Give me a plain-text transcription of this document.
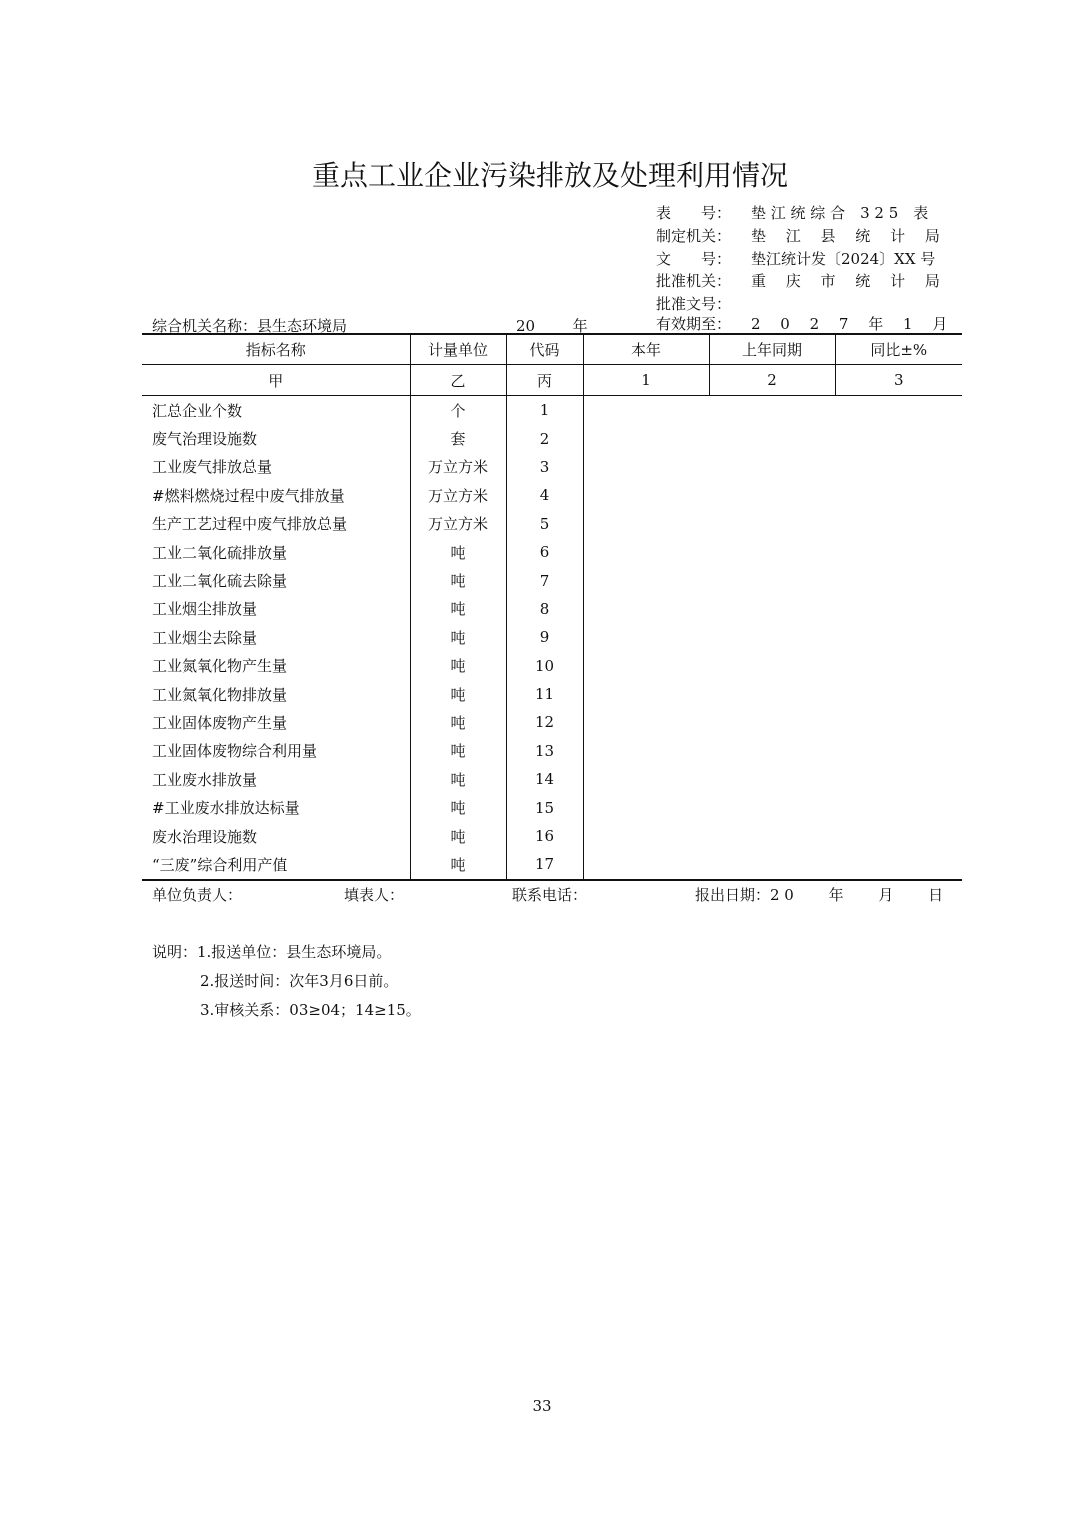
重点工业企业污染排放及处理利用情况
表　　号：	垫 江 统 综 合　3 2 5　表
制定机关：	垫　 江　 县　 统　 计　 局
文　　号：	垫江统计发〔2024〕XX 号
批准机关：	重　 庆　 市　 统　 计　 局
批准文号：
有效期至：	2　 0　 2　 7　 年　 1　 月
综合机关名称：县生态环境局	20	年
指标名称	计量单位	代码	本年	上年同期	同比±%
甲	乙	丙	1	2	3
汇总企业个数	个	1			
废气治理设施数	套	2			
工业废气排放总量	万立方米	3			
#燃料燃烧过程中废气排放量	万立方米	4			
生产工艺过程中废气排放总量	万立方米	5			
工业二氧化硫排放量	吨	6			
工业二氧化硫去除量	吨	7			
工业烟尘排放量	吨	8			
工业烟尘去除量	吨	9			
工业氮氧化物产生量	吨	10			
工业氮氧化物排放量	吨	11			
工业固体废物产生量	吨	12			
工业固体废物综合利用量	吨	13			
工业废水排放量	吨	14			
#工业废水排放达标量	吨	15			
废水治理设施数	吨	16			
“三废”综合利用产值	吨	17			
单位负责人：	填表人：	联系电话：	报出日期：2 0　　 年　　 月　　 日
说明：1.报送单位：县生态环境局。
2.报送时间：次年3月6日前。
3.审核关系：03≥04；14≥15。
33
